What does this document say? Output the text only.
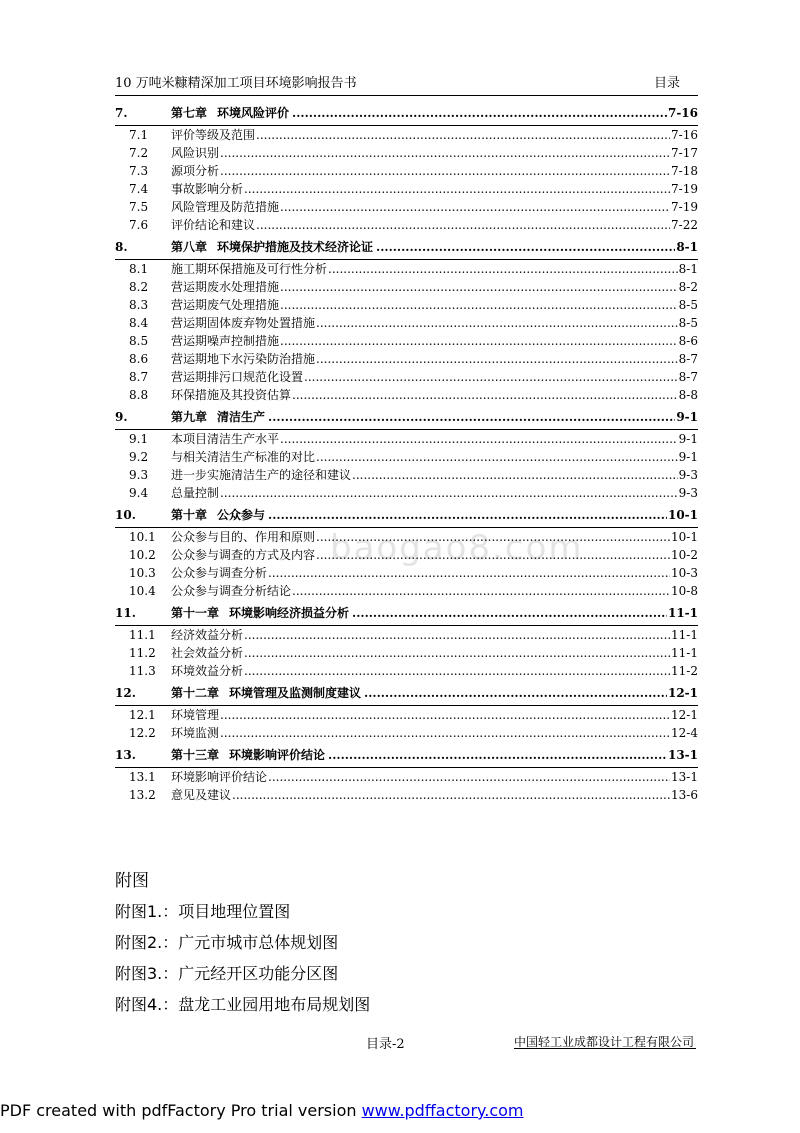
10 万吨米糠精深加工项目环境影响报告书	目录
baogao8.com
7.	第七章 环境风险评价 .....	7-16
7.1 评价等级及范围 .....	7-16
7.2 风险识别 .....	7-17
7.3 源项分析 .....	7-18
7.4 事故影响分析 .....	7-19
7.5 风险管理及防范措施 .....	7-19
7.6 评价结论和建议 .....	7-22
8.	第八章 环境保护措施及技术经济论证 .....	8-1
8.1 施工期环保措施及可行性分析 .....	8-1
8.2 营运期废水处理措施 .....	8-2
8.3 营运期废气处理措施 .....	8-5
8.4 营运期固体废弃物处置措施 .....	8-5
8.5 营运期噪声控制措施 .....	8-6
8.6 营运期地下水污染防治措施 .....	8-7
8.7 营运期排污口规范化设置 .....	8-7
8.8 环保措施及其投资估算 .....	8-8
9.	第九章 清洁生产 .....	9-1
9.1 本项目清洁生产水平 .....	9-1
9.2 与相关清洁生产标准的对比 .....	9-1
9.3 进一步实施清洁生产的途径和建议 .....	9-3
9.4 总量控制 .....	9-3
10.	第十章 公众参与 .....	10-1
10.1 公众参与目的、作用和原则 .....	10-1
10.2 公众参与调查的方式及内容 .....	10-2
10.3 公众参与调查分析 .....	10-3
10.4 公众参与调查分析结论 .....	10-8
11.	第十一章 环境影响经济损益分析 .....	11-1
11.1 经济效益分析 .....	11-1
11.2 社会效益分析 .....	11-1
11.3 环境效益分析 .....	11-2
12.	第十二章 环境管理及监测制度建议 .....	12-1
12.1 环境管理 .....	12-1
12.2 环境监测 .....	12-4
13.	第十三章 环境影响评价结论 .....	13-1
13.1 环境影响评价结论 .....	13-1
13.2 意见及建议 .....	13-6
附图
附图1.：项目地理位置图
附图2.：广元市城市总体规划图
附图3.：广元经开区功能分区图
附图4.：盘龙工业园用地布局规划图
目录-2	中国轻工业成都设计工程有限公司
PDF created with pdfFactory Pro trial version www.pdffactory.com
